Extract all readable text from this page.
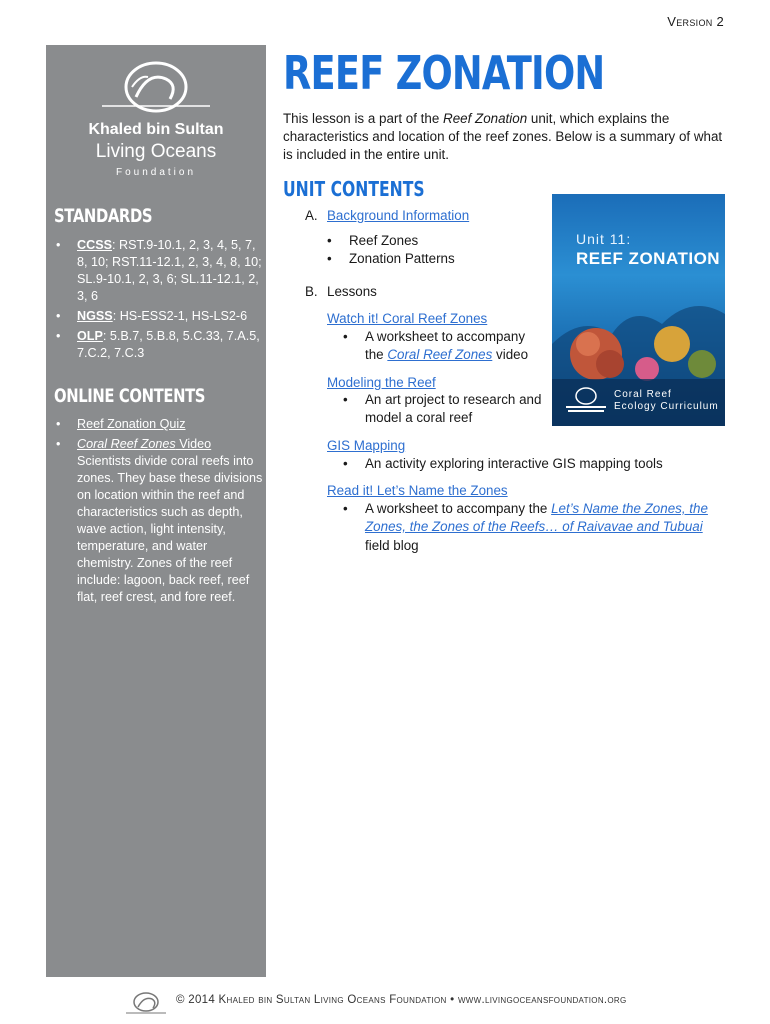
Version 2
Khaled bin Sultan
Living Oceans
Foundation
STANDARDS
• CCSS: RST.9-10.1, 2, 3, 4, 5, 7, 8, 10; RST.11-12.1, 2, 3, 4, 8, 10; SL.9-10.1, 2, 3, 6; SL.11-12.1, 2, 3, 6
• NGSS: HS-ESS2-1, HS-LS2-6
• OLP: 5.B.7, 5.B.8, 5.C.33, 7.A.5, 7.C.2, 7.C.3
ONLINE CONTENTS
• Reef Zonation Quiz
• Coral Reef Zones Video
Scientists divide coral reefs into zones. They base these divisions on location within the reef and characteristics such as depth, wave action, light intensity, temperature, and water chemistry. Zones of the reef include: lagoon, back reef, reef flat, reef crest, and fore reef.
REEF ZONATION
This lesson is a part of the Reef Zonation unit, which explains the characteristics and location of the reef zones. Below is a summary of what is included in the entire unit.
UNIT CONTENTS
A. Background Information
• Reef Zones
• Zonation Patterns
B. Lessons
Watch it! Coral Reef Zones
• A worksheet to accompany
the Coral Reef Zones video
Modeling the Reef
• An art project to research and
model a coral reef
GIS Mapping
• An activity exploring interactive GIS mapping tools
Read it! Let’s Name the Zones
• A worksheet to accompany the Let’s Name the Zones, the
Zones, the Zones of the Reefs… of Raivavae and Tubuai
field blog
Unit 11:
REEF ZONATION
Coral Reef
Ecology Curriculum
© 2014 Khaled bin Sultan Living Oceans Foundation • www.livingoceansfoundation.org
